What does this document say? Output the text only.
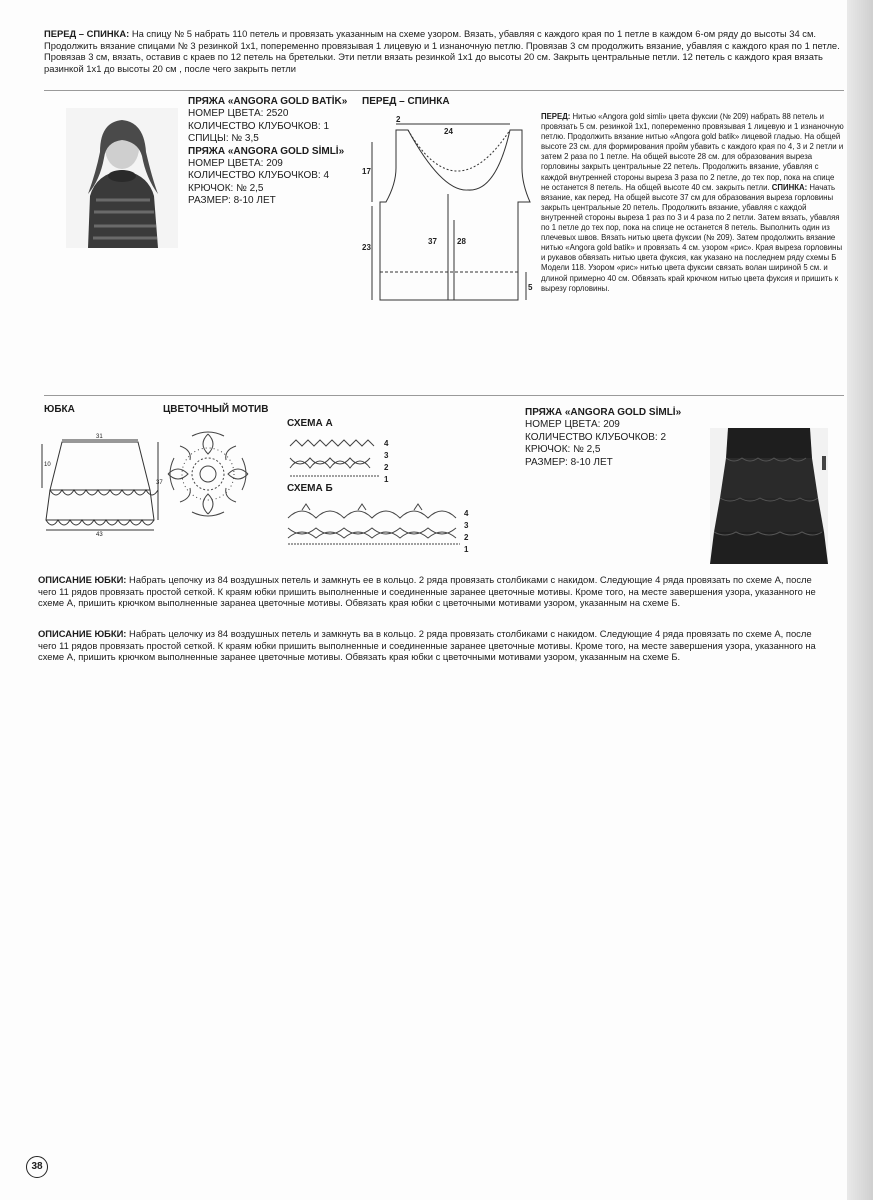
ПЕРЕД – СПИНКА: На спицу № 5 набрать 110 петель и провязать указанным на схеме узором. Вязать, убавляя с каждого края по 1 петле в каждом 6-ом ряду до высоты 34 см. Продолжить вязание спицами № 3 резинкой 1х1, попеременно провязывая 1 лицевую и 1 изнаночную петлю. Провязав 3 см продолжить вязание, убавляя с каждого края по 1 петле. Провязав 3 см, вязать, оставив с краев по 12 петель на бретельки. Эти петли вязать резинкой 1х1 до высоты 20 см. Закрыть центральные петли. 12 петель с каждого края вязать разинкой 1х1 до высоты 20 см , после чего закрыть петли
ПРЯЖА «ANGORA GOLD BATİK»
НОМЕР ЦВЕТА: 2520
КОЛИЧЕСТВО КЛУБОЧКОВ: 1
СПИЦЫ: № 3,5
ПРЯЖА «ANGORA GOLD SİMLİ»
НОМЕР ЦВЕТА: 209
КОЛИЧЕСТВО КЛУБОЧКОВ: 4
КРЮЧОК: № 2,5
РАЗМЕР: 8-10 ЛЕТ
ПЕРЕД – СПИНКА
2
24
17
23
37	28
5
ПЕРЕД: Нитью «Angora gold simli» цвета фуксии (№ 209) набрать 88 петель и провязать 5 см. резинкой 1х1, попеременно провязывая 1 лицевую и 1 изнаночную петлю. Продолжить вязание нитью «Angora gold batik» лицевой гладью. На общей высоте 23 см. для формирования пройм убавить с каждого края по 4, 3 и 2 петли и затем 2 раза по 1 петле. На общей высоте 28 см. для образования выреза горловины закрыть центральные 22 петель. Продолжить вязание, убавляя с каждой внутренней стороны выреза 3 раза по 2 петле, до тех пор, пока на спице не останется 8 петель. На общей высоте 40 см. закрыть петли. СПИНКА: Начать вязание, как перед. На общей высоте 37 см для образования выреза горловины закрыть центральные 20 петель. Продолжить вязание, убавляя с каждой внутренней стороны выреза 1 раз по 3 и 4 раза по 2 петли. Затем вязать, убавляя по 1 петле до тех пор, пока на спице не останется 8 петель. Выполнить один из плечевых швов. Вязать нитью цвета фуксии (№ 209). Затем продолжить вязание нитью «Angora gold batik» и провязать 4 см. узором «рис». Края выреза горловины и рукавов обвязать нитью цвета фуксия, как указано на последнем ряду схемы Б Модели 118. Узором «рис» нитью цвета фуксии связать волан шириной 5 см. и длиной примерно 40 см. Обвязать край крючком нитью цвета фуксия и пришить к вырезу горловины.
ЮБКА
31
10
37
43
ЦВЕТОЧНЫЙ МОТИВ
СХЕМА А
4
3
2
1
СХЕМА Б
4
3
2
1
ПРЯЖА «ANGORA GOLD SİMLİ»
НОМЕР ЦВЕТА: 209
КОЛИЧЕСТВО КЛУБОЧКОВ: 2
КРЮЧОК: № 2,5
РАЗМЕР: 8-10 ЛЕТ
ОПИСАНИЕ ЮБКИ: Набрать цепочку из 84 воздушных петель и замкнуть ее в кольцо. 2 ряда провязать столбиками с накидом. Следующие 4 ряда провязать по схеме А, после чего 11 рядов провязать простой сеткой. К краям юбки пришить выполненные и соединенные заранее цветочные мотивы. Кроме того, на месте завершения узора, указанного не схеме А, пришить крючком выполненные заранеа цветочные мотивы. Обвязать края юбки с цветочными мотивами узором, указанным на схеме Б.
ОПИСАНИЕ ЮБКИ: Набрать целочку из 84 воздушных петель и замкнуть ва в кольцо. 2 ряда провязать столбиками с накидом. Следующие 4 ряда провязать по схеме А, после чего 11 рядов провязать простой сеткой. К краям юбки пришить выполненные и соединенные заранее цветочные мотивы. Кроме того, на месте завершения узора, указанного на схеме А, пришить крючком выполненные заранее цветочные мотивы. Обвязать края юбки с цветочными мотивами узором, указанным на схеме Б.
38
